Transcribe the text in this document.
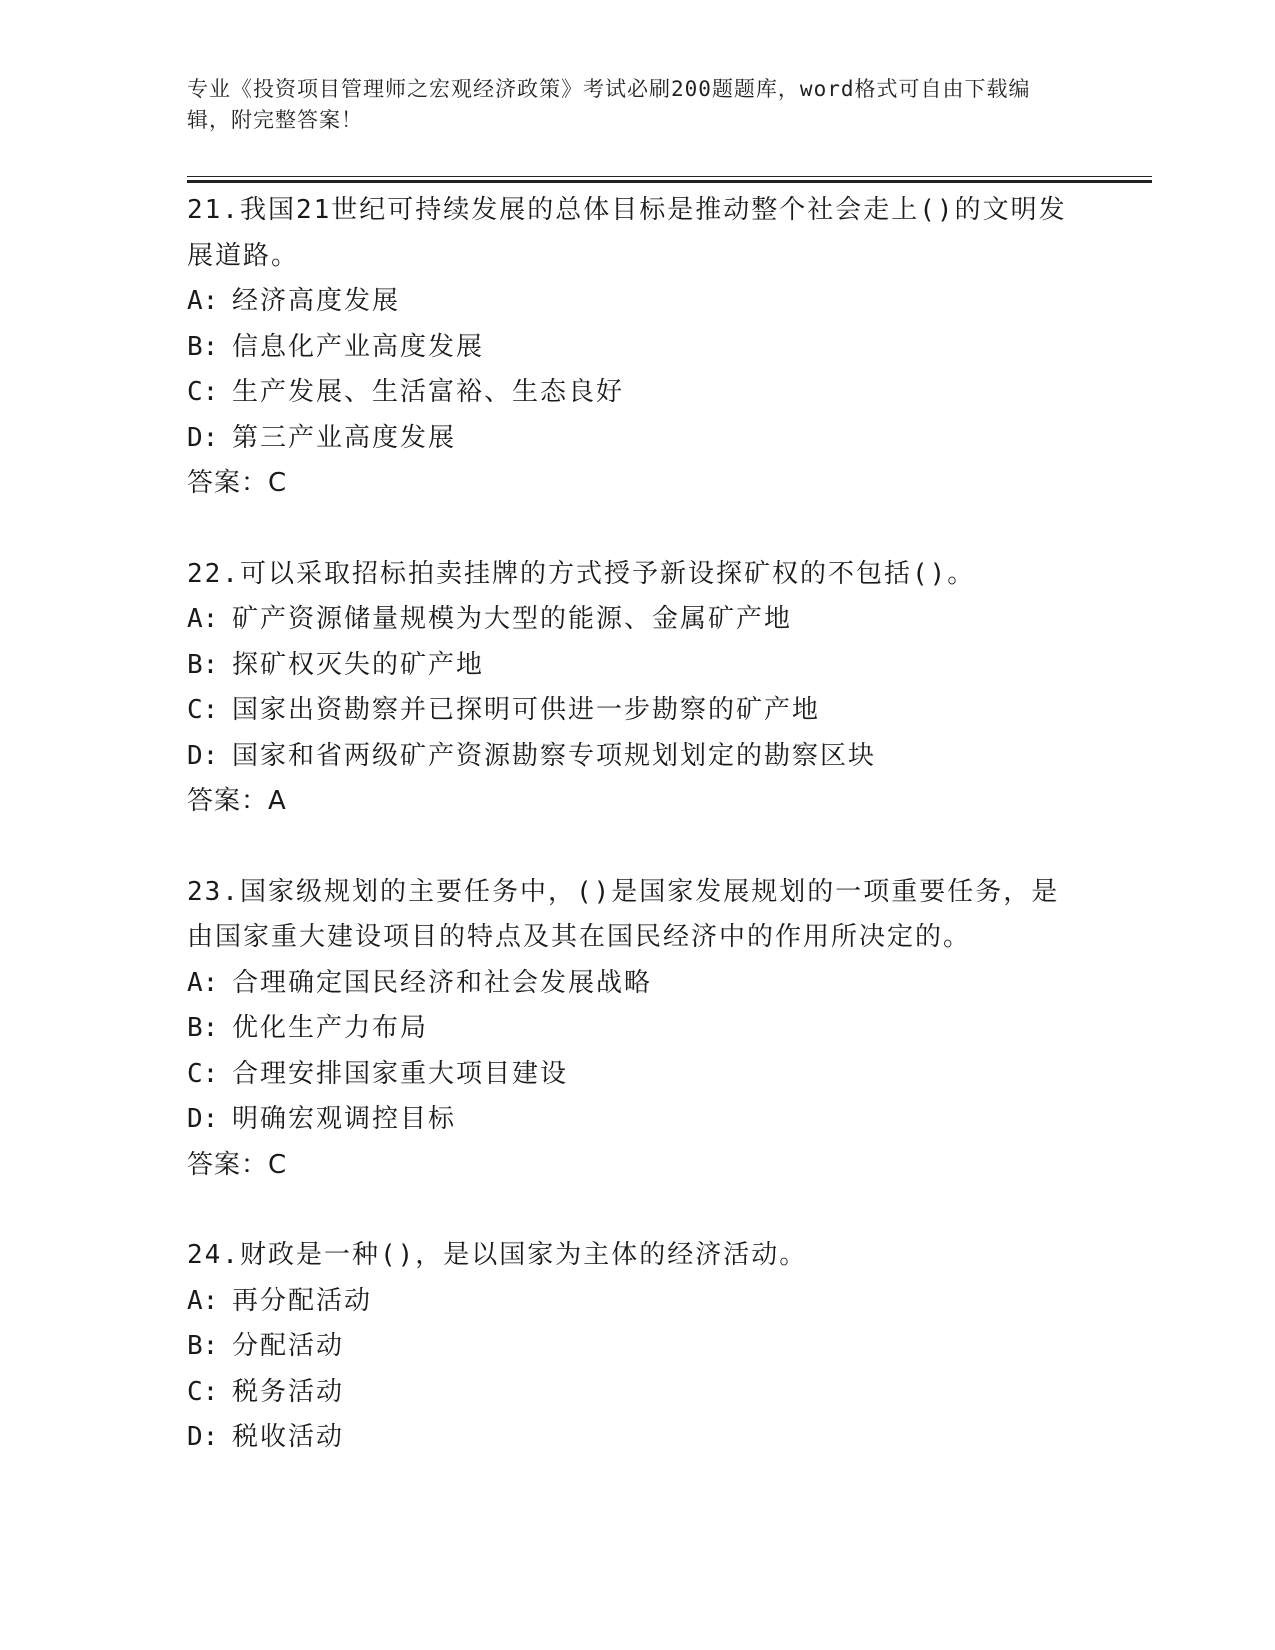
专业《投资项目管理师之宏观经济政策》考试必刷200题题库，word格式可自由下载编辑，附完整答案！
21.我国21世纪可持续发展的总体目标是推动整个社会走上()的文明发展道路。
A: 经济高度发展
B: 信息化产业高度发展
C: 生产发展、生活富裕、生态良好
D: 第三产业高度发展
答案：C
22.可以采取招标拍卖挂牌的方式授予新设探矿权的不包括()。
A: 矿产资源储量规模为大型的能源、金属矿产地
B: 探矿权灭失的矿产地
C: 国家出资勘察并已探明可供进一步勘察的矿产地
D: 国家和省两级矿产资源勘察专项规划划定的勘察区块
答案：A
23.国家级规划的主要任务中，()是国家发展规划的一项重要任务，是由国家重大建设项目的特点及其在国民经济中的作用所决定的。
A: 合理确定国民经济和社会发展战略
B: 优化生产力布局
C: 合理安排国家重大项目建设
D: 明确宏观调控目标
答案：C
24.财政是一种()，是以国家为主体的经济活动。
A: 再分配活动
B: 分配活动
C: 税务活动
D: 税收活动
